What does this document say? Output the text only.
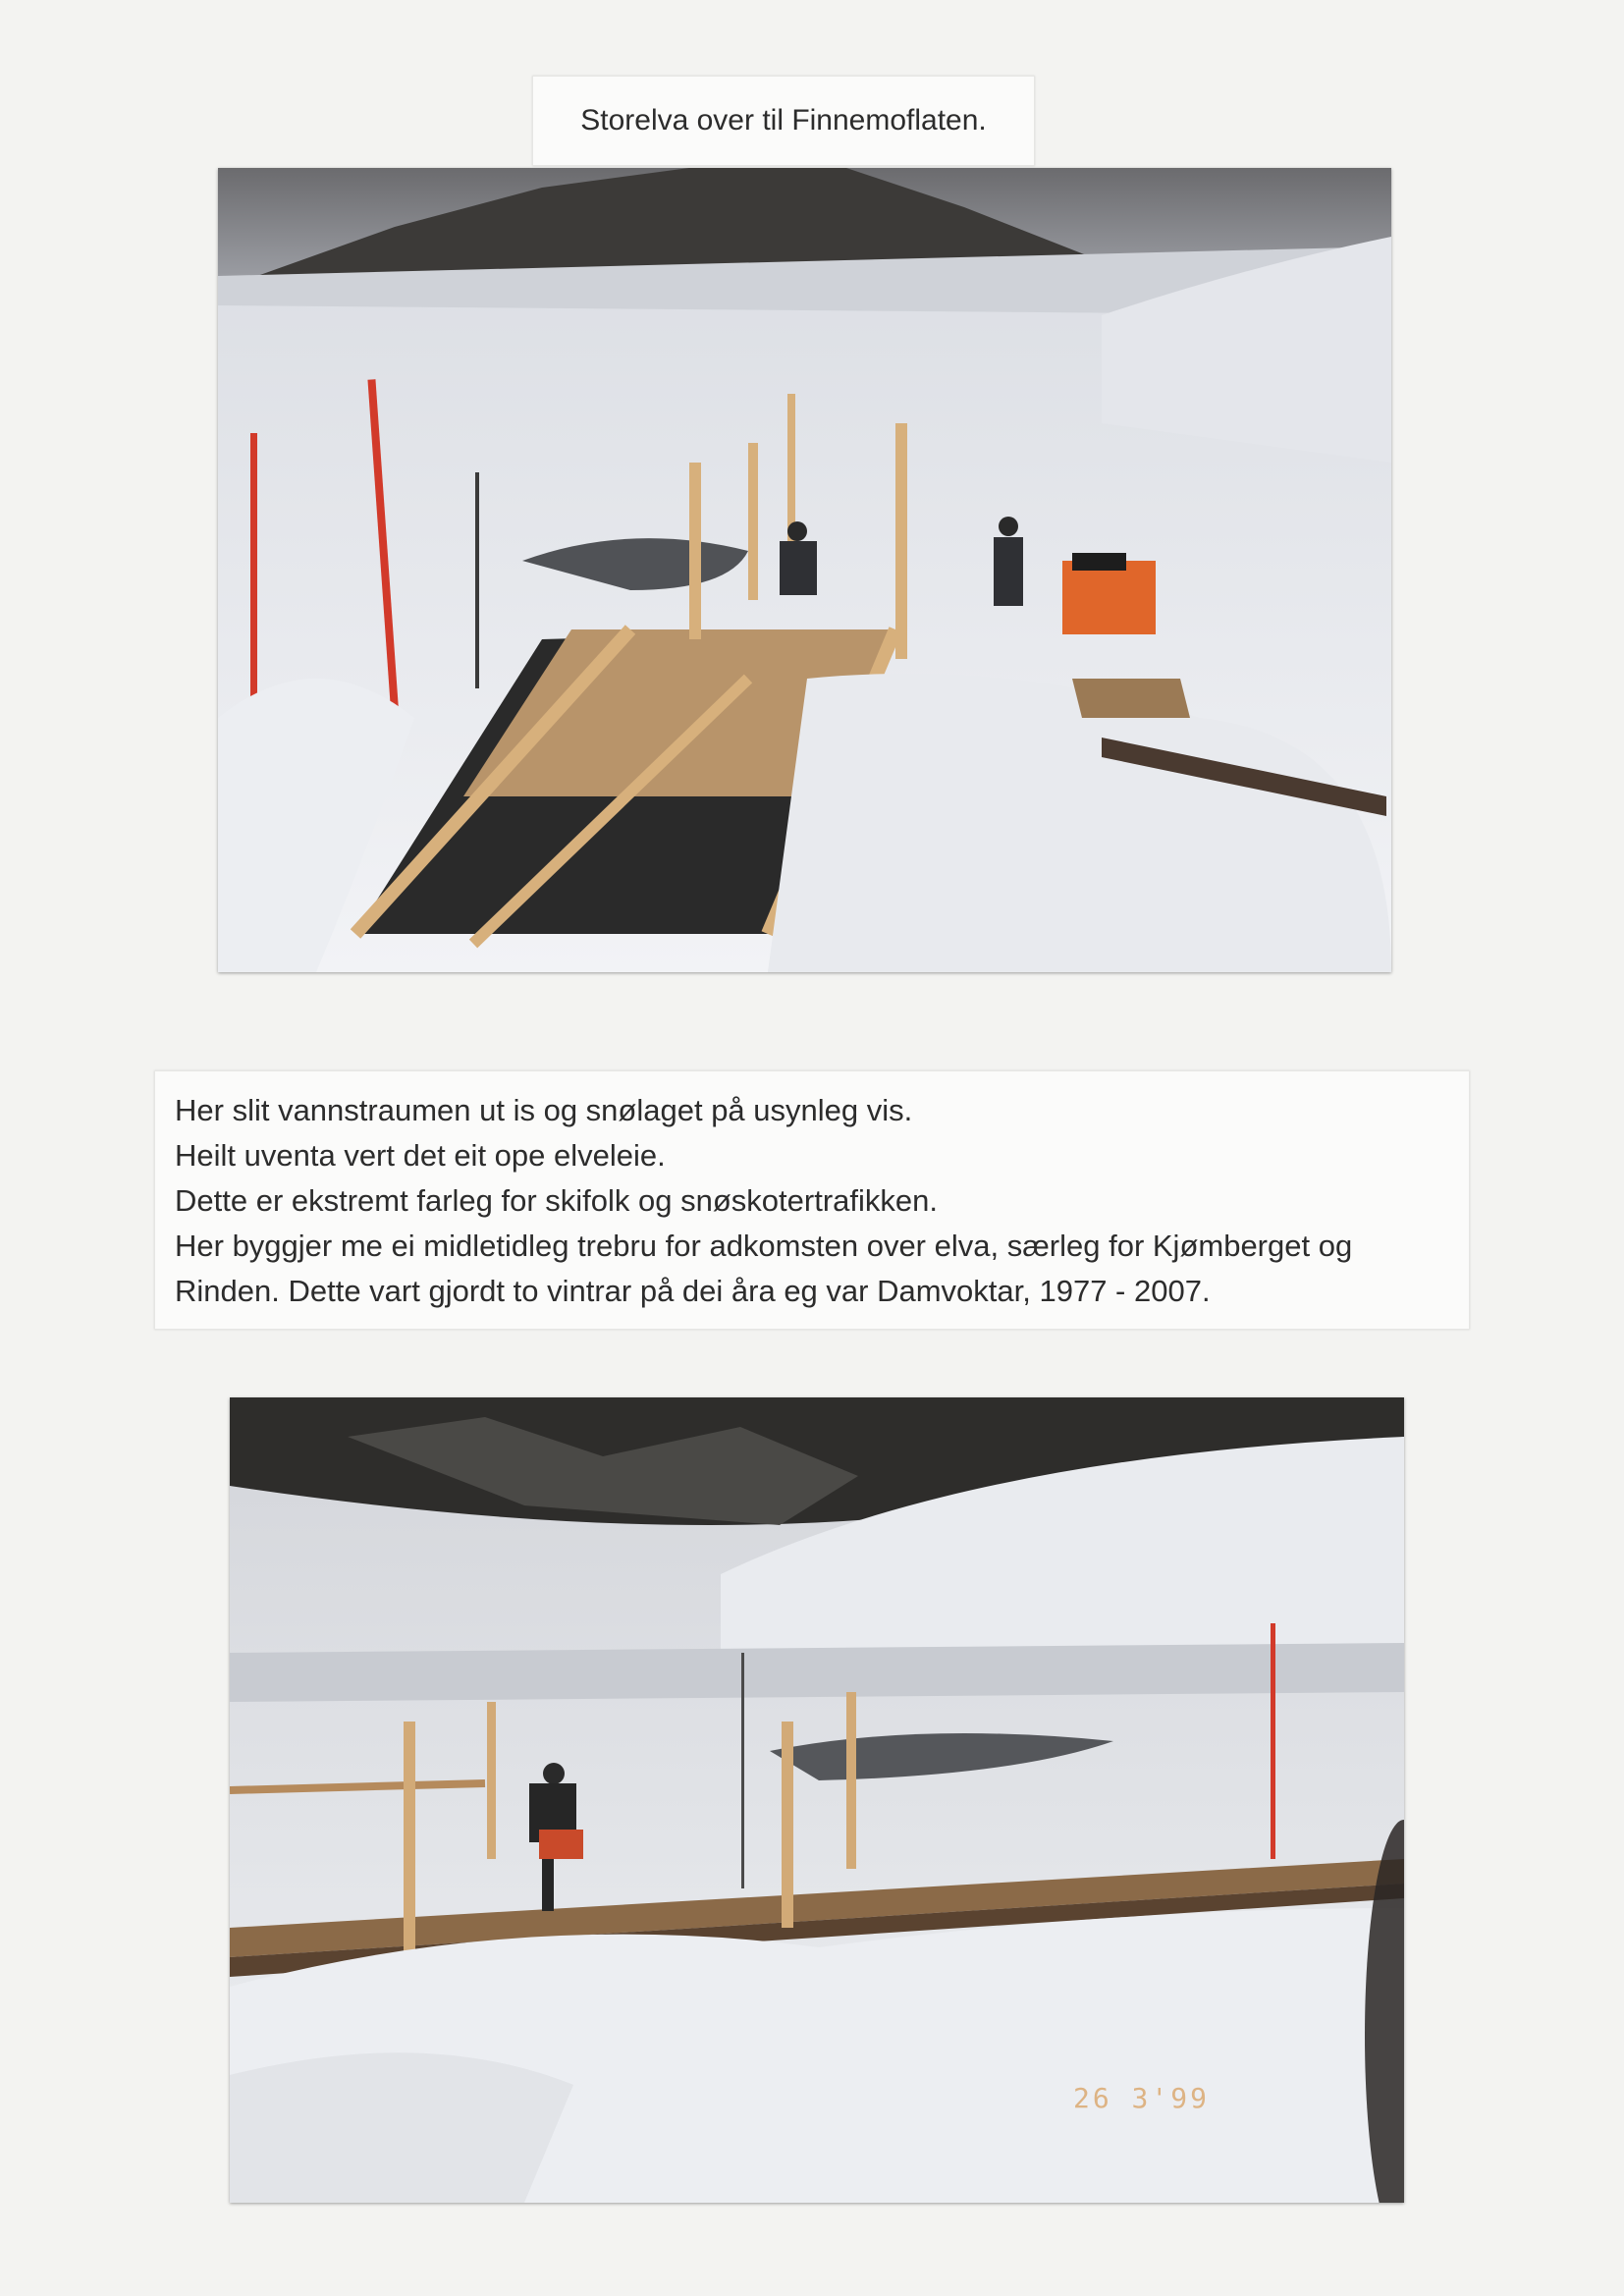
Storelva over til Finnemoflaten.
Her slit vannstraumen ut is og snølaget på usynleg vis.
Heilt uventa vert det eit ope elveleie.
Dette er ekstremt farleg for skifolk og snøskotertrafikken.
Her byggjer me ei midletidleg trebru for adkomsten over elva, særleg for Kjømberget og
Rinden. Dette vart gjordt to vintrar på dei åra eg var Damvoktar, 1977 - 2007.
26 3'99
